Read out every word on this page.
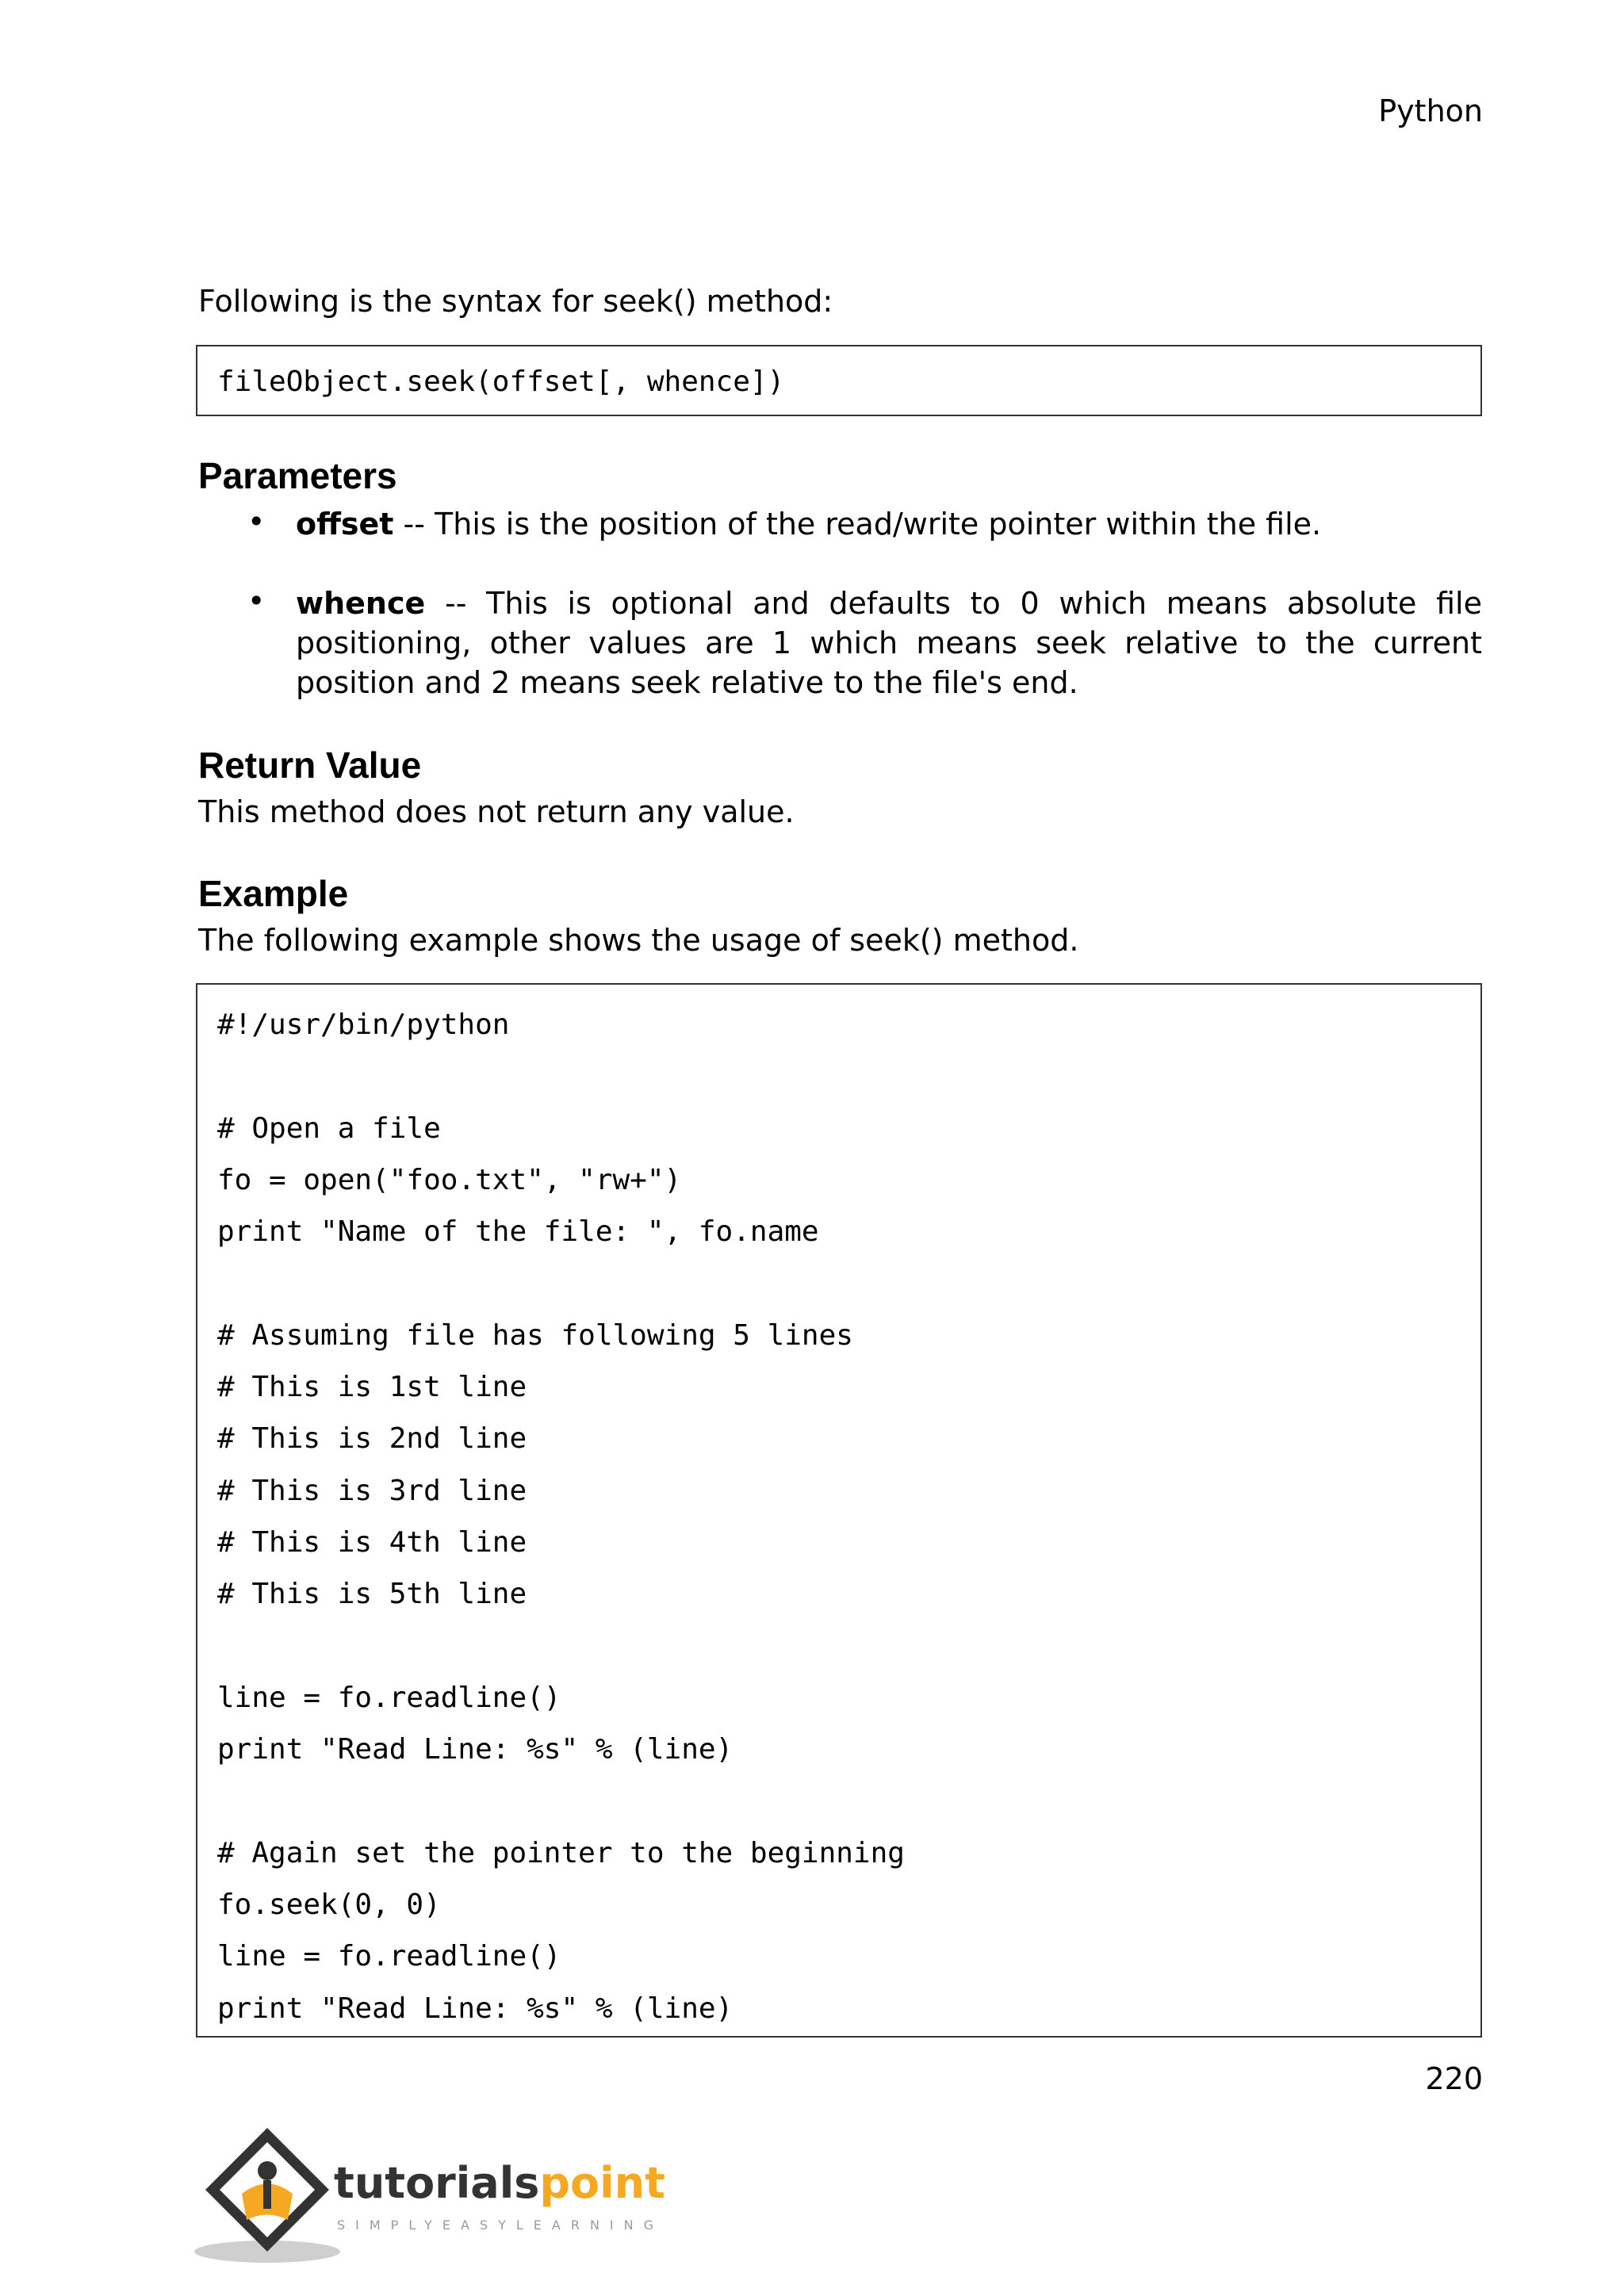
Python
Following is the syntax for seek() method:
fileObject.seek(offset[, whence])
Parameters
• offset -- This is the position of the read/write pointer within the file.
• whence -- This is optional and defaults to 0 which means absolute file positioning, other values are 1 which means seek relative to the current position and 2 means seek relative to the file's end.
Return Value
This method does not return any value.
Example
The following example shows the usage of seek() method.
#!/usr/bin/python

# Open a file
fo = open("foo.txt", "rw+")
print "Name of the file: ", fo.name

# Assuming file has following 5 lines
# This is 1st line
# This is 2nd line
# This is 3rd line
# This is 4th line
# This is 5th line

line = fo.readline()
print "Read Line: %s" % (line)

# Again set the pointer to the beginning
fo.seek(0, 0)
line = fo.readline()
print "Read Line: %s" % (line)
220
tutorialspoint
SIMPLYEASYLEARNING
